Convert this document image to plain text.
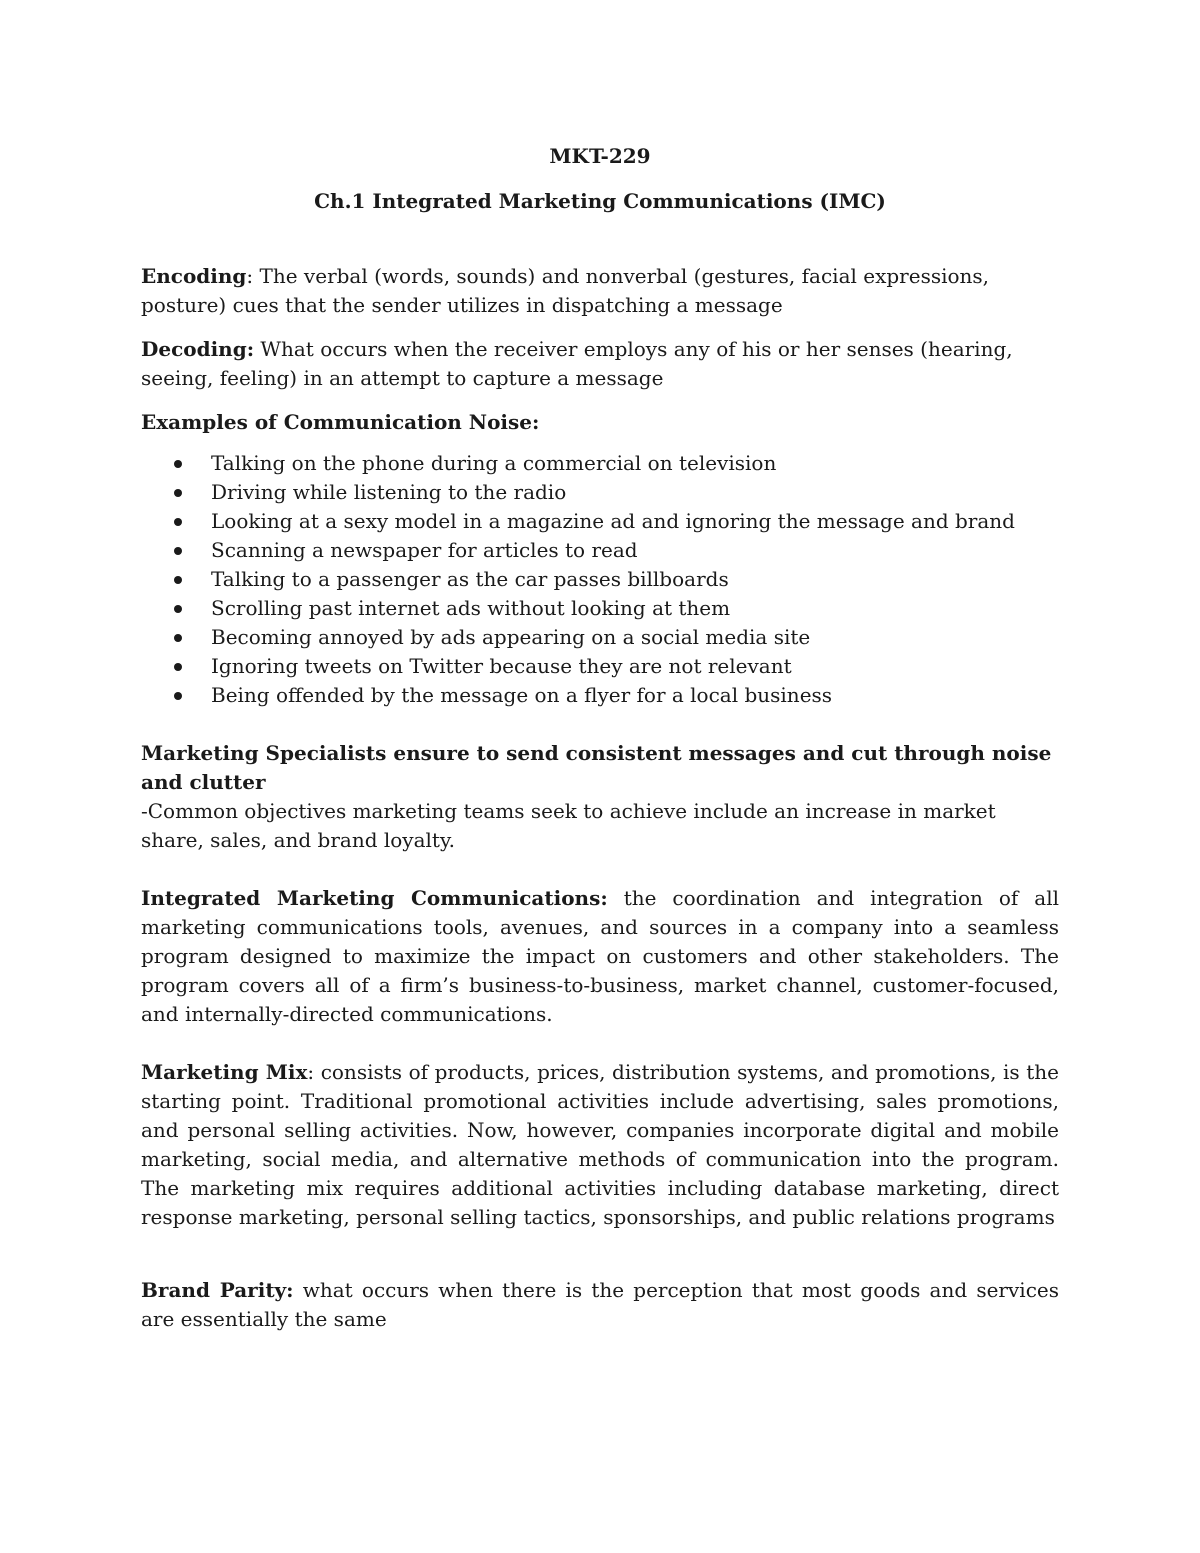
MKT-229

Ch.1 Integrated Marketing Communications (IMC)

Encoding: The verbal (words, sounds) and nonverbal (gestures, facial expressions, posture) cues that the sender utilizes in dispatching a message

Decoding: What occurs when the receiver employs any of his or her senses (hearing, seeing, feeling) in an attempt to capture a message

Examples of Communication Noise:

Talking on the phone during a commercial on television
Driving while listening to the radio
Looking at a sexy model in a magazine ad and ignoring the message and brand
Scanning a newspaper for articles to read
Talking to a passenger as the car passes billboards
Scrolling past internet ads without looking at them
Becoming annoyed by ads appearing on a social media site
Ignoring tweets on Twitter because they are not relevant
Being offended by the message on a flyer for a local business

Marketing Specialists ensure to send consistent messages and cut through noise and clutter

-Common objectives marketing teams seek to achieve include an increase in market share, sales, and brand loyalty.

Integrated Marketing Communications: the coordination and integration of all marketing communications tools, avenues, and sources in a company into a seamless program designed to maximize the impact on customers and other stakeholders. The program covers all of a firm’s business-to-business, market channel, customer-focused, and internally-directed communications.

Marketing Mix: consists of products, prices, distribution systems, and promotions, is the starting point. Traditional promotional activities include advertising, sales promotions, and personal selling activities. Now, however, companies incorporate digital and mobile marketing, social media, and alternative methods of communication into the program. The marketing mix requires additional activities including database marketing, direct response marketing, personal selling tactics, sponsorships, and public relations programs

Brand Parity: what occurs when there is the perception that most goods and services are essentially the same
